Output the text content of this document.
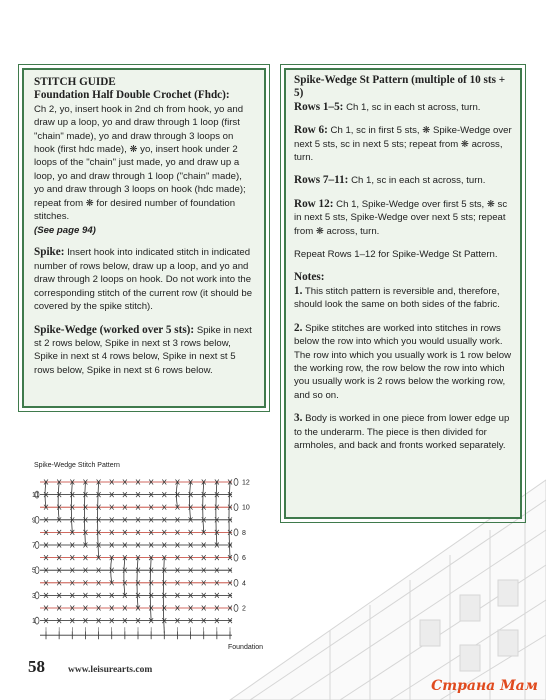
STITCH GUIDE
Foundation Half Double Crochet (Fhdc):
Ch 2, yo, insert hook in 2nd ch from hook, yo and draw up a loop, yo and draw through 1 loop (first "chain" made), yo and draw through 3 loops on hook (first hdc made), ❋ yo, insert hook under 2 loops of the "chain" just made, yo and draw up a loop, yo and draw through 1 loop ("chain" made), yo and draw through 3 loops on hook (hdc made); repeat from ❋ for desired number of foundation stitches.
(See page 94)
Spike: Insert hook into indicated stitch in indicated number of rows below, draw up a loop, and yo and draw through 2 loops on hook. Do not work into the corresponding stitch of the current row (it should be covered by the spike stitch).
Spike-Wedge (worked over 5 sts): Spike in next st 2 rows below, Spike in next st 3 rows below, Spike in next st 4 rows below, Spike in next st 5 rows below, Spike in next st 6 rows below.
Spike-Wedge St Pattern (multiple of 10 sts + 5)
Rows 1–5: Ch 1, sc in each st across, turn.
Row 6: Ch 1, sc in first 5 sts, ❋ Spike-Wedge over next 5 sts, sc in next 5 sts; repeat from ❋ across, turn.
Rows 7–11: Ch 1, sc in each st across, turn.
Row 12: Ch 1, Spike-Wedge over first 5 sts, ❋ sc in next 5 sts, Spike-Wedge over next 5 sts; repeat from ❋ across, turn.
Repeat Rows 1–12 for Spike-Wedge St Pattern.
Notes:
1. This stitch pattern is reversible and, therefore, should look the same on both sides of the fabric.
2. Spike stitches are worked into stitches in rows below the row into which you would usually work. The row into which you usually work is 1 row below the working row, the row below the row into which you usually work is 2 rows below the working row, and so on.
3. Body is worked in one piece from lower edge up to the underarm. The piece is then divided for armholes, and back and fronts worked separately.
Spike-Wedge Stitch Pattern
11
9
7
5
3
1
12
10
8
6
4
2
Foundation
58 www.leisurearts.com
Страна Мам
